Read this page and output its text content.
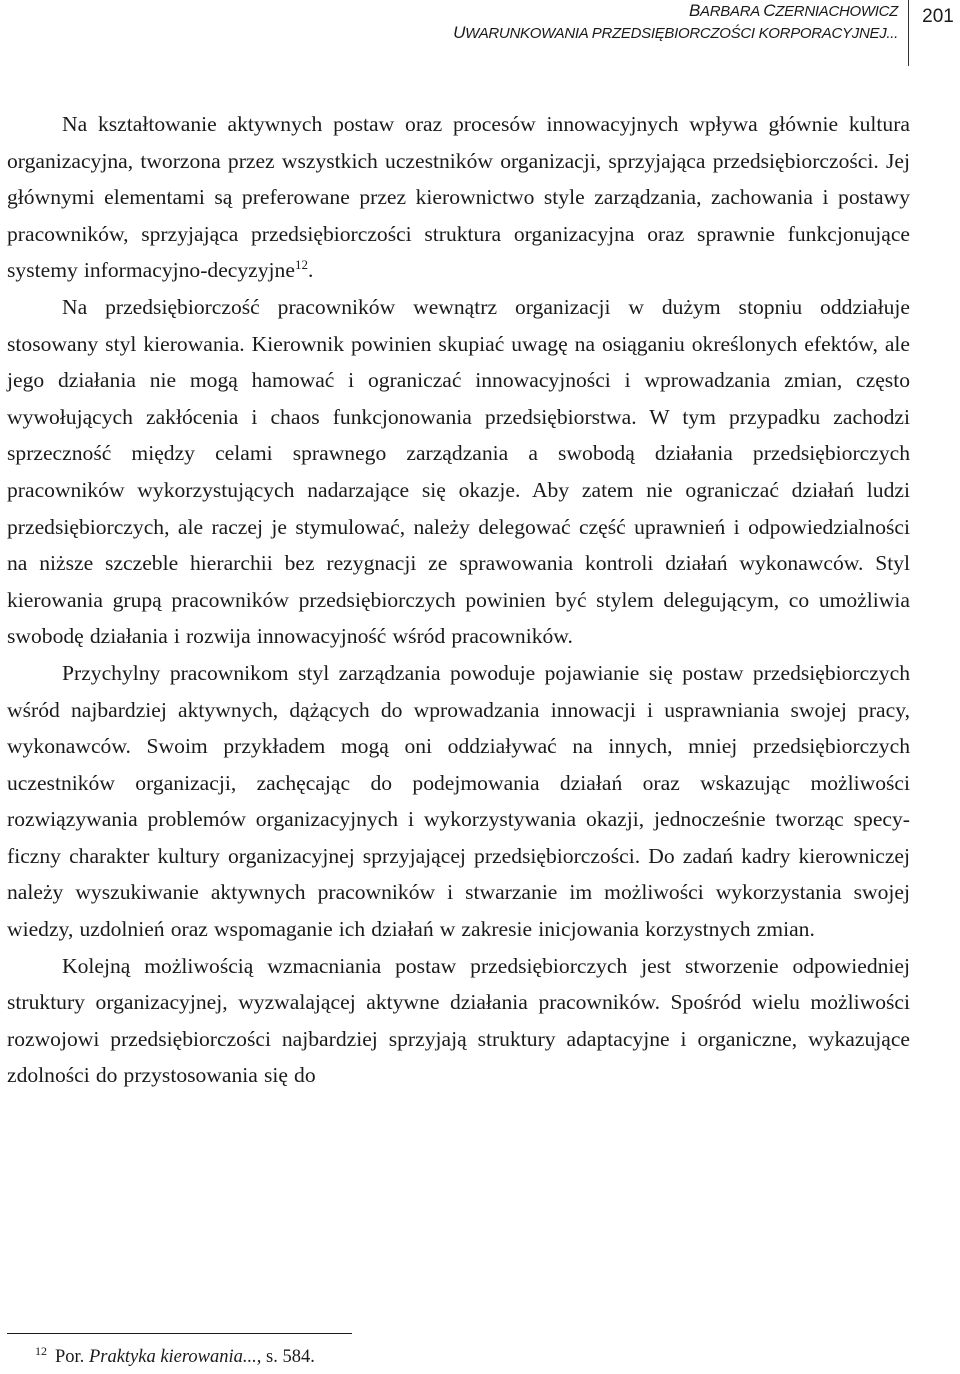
BARBARA CZERNIACHOWICZ
UWARUNKOWANIA PRZEDSIĘBIORCZOŚCI KORPORACYJNEJ...
201

Na kształtowanie aktywnych postaw oraz procesów innowacyjnych wpływa głównie kultura organizacyjna, tworzona przez wszystkich uczestników organizacji, sprzyjająca przedsiębiorczości. Jej głównymi elementami są preferowane przez kierownictwo style zarządzania, zachowania i postawy pracowników, sprzyjająca przedsiębiorczości struktura organizacyjna oraz sprawnie funkcjonujące systemy informacyjno-decyzyjne$^{12}$.

Na przedsiębiorczość pracowników wewnątrz organizacji w dużym stopniu oddziałuje stosowany styl kierowania. Kierownik powinien skupiać uwagę na osiąganiu określonych efektów, ale jego działania nie mogą hamować i ograniczać innowacyjności i wprowadzania zmian, często wywołujących zakłócenia i chaos funkcjonowania przedsiębiorstwa. W tym przypadku zachodzi sprzeczność między celami sprawnego zarządzania a swobodą działania przedsiębiorczych pracowników wykorzystujących nadarzające się okazje. Aby zatem nie ograniczać działań ludzi przedsiębiorczych, ale raczej je stymulować, należy delegować część uprawnień i odpowiedzialności na niższe szczeble hierarchii bez rezygnacji ze sprawowania kontroli działań wykonawców. Styl kierowania grupą pracowników przedsiębiorczych powinien być stylem delegującym, co umożliwia swobodę działania i rozwija innowacyjność wśród pracowników.

Przychylny pracownikom styl zarządzania powoduje pojawianie się postaw przedsiębiorczych wśród najbardziej aktywnych, dążących do wprowadzania innowacji i usprawniania swojej pracy, wykonawców. Swoim przykładem mogą oni oddziaływać na innych, mniej przedsiębiorczych uczestników organizacji, zachęcając do podejmowania działań oraz wskazując możliwości rozwiązywania problemów organizacyjnych i wykorzystywania okazji, jednocześnie tworząc specyficzny charakter kultury organizacyjnej sprzyjającej przedsiębiorczości. Do zadań kadry kierowniczej należy wyszukiwanie aktywnych pracowników i stwarzanie im możliwości wykorzystania swojej wiedzy, uzdolnień oraz wspomaganie ich działań w zakresie inicjowania korzystnych zmian.

Kolejną możliwością wzmacniania postaw przedsiębiorczych jest stworzenie odpowiedniej struktury organizacyjnej, wyzwalającej aktywne działania pracowników. Spośród wielu możliwości rozwojowi przedsiębiorczości najbardziej sprzyjają struktury adaptacyjne i organiczne, wykazujące zdolności do przystosowania się do

12 Por. Praktyka kierowania..., s. 584.
